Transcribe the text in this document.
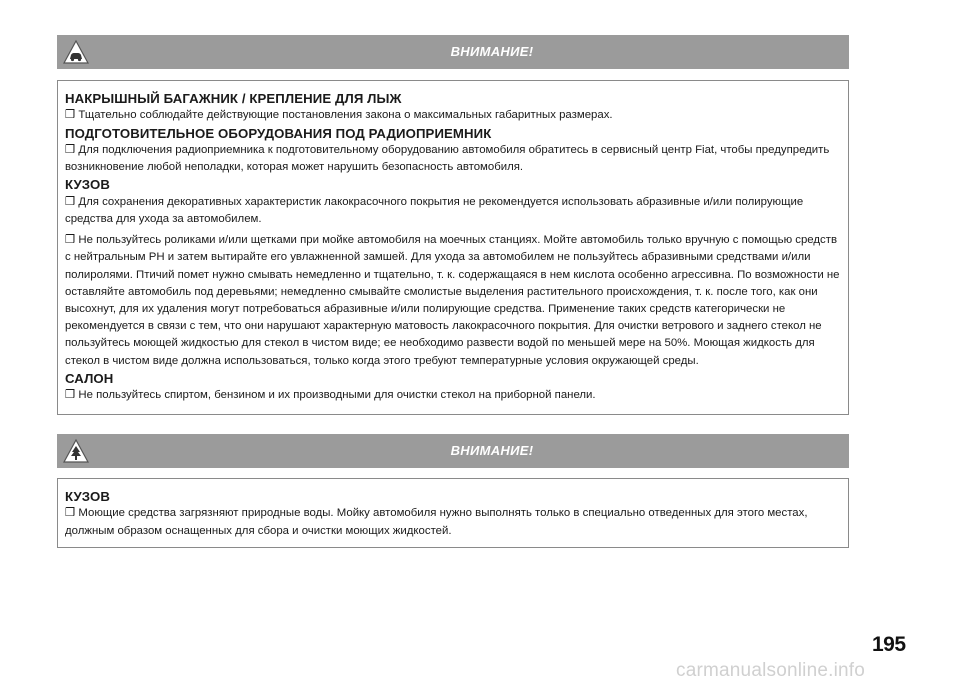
ВНИМАНИЕ!
НАКРЫШНЫЙ БАГАЖНИК / КРЕПЛЕНИЕ ДЛЯ ЛЫЖ

❒ Тщательно соблюдайте действующие постановления закона о максимальных габаритных размерах.

ПОДГОТОВИТЕЛЬНОЕ ОБОРУДОВАНИЯ ПОД РАДИОПРИЕМНИК

❒ Для подключения радиоприемника к подготовительному оборудованию автомобиля обратитесь в сервисный центр Fiat, чтобы предупредить возникновение любой неполадки, которая может нарушить безопасность автомобиля.

КУЗОВ

❒ Для сохранения декоративных характеристик лакокрасочного покрытия не рекомендуется использовать абразивные и/или полирующие средства для ухода за автомобилем.

❒ Не пользуйтесь роликами и/или щетками при мойке автомобиля на моечных станциях. Мойте автомобиль только вручную с помощью средств с нейтральным PH и затем вытирайте его увлажненной замшей. Для ухода за автомобилем не пользуйтесь абразивными средствами и/или полиролями. Птичий помет нужно смывать немедленно и тщательно, т. к. содержащаяся в нем кислота особенно агрессивна. По возможности не оставляйте автомобиль под деревьями; немедленно смывайте смолистые выделения растительного происхождения, т. к. после того, как они высохнут, для их удаления могут потребоваться абразивные и/или полирующие средства. Применение таких средств категорически не рекомендуется в связи с тем, что они нарушают характерную матовость лакокрасочного покрытия. Для очистки ветрового и заднего стекол не пользуйтесь моющей жидкостью для стекол в чистом виде; ее необходимо развести водой по меньшей мере на 50%. Моющая жидкость для стекол в чистом виде должна использоваться, только когда этого требуют температурные условия окружающей среды.

САЛОН

❒ Не пользуйтесь спиртом, бензином и их производными для очистки стекол на приборной панели.

ВНИМАНИЕ!
КУЗОВ

❒ Моющие средства загрязняют природные воды. Мойку автомобиля нужно выполнять только в специально отведенных для этого местах, должным образом оснащенных для сбора и очистки моющих жидкостей.

195
carmanualsonline.info
